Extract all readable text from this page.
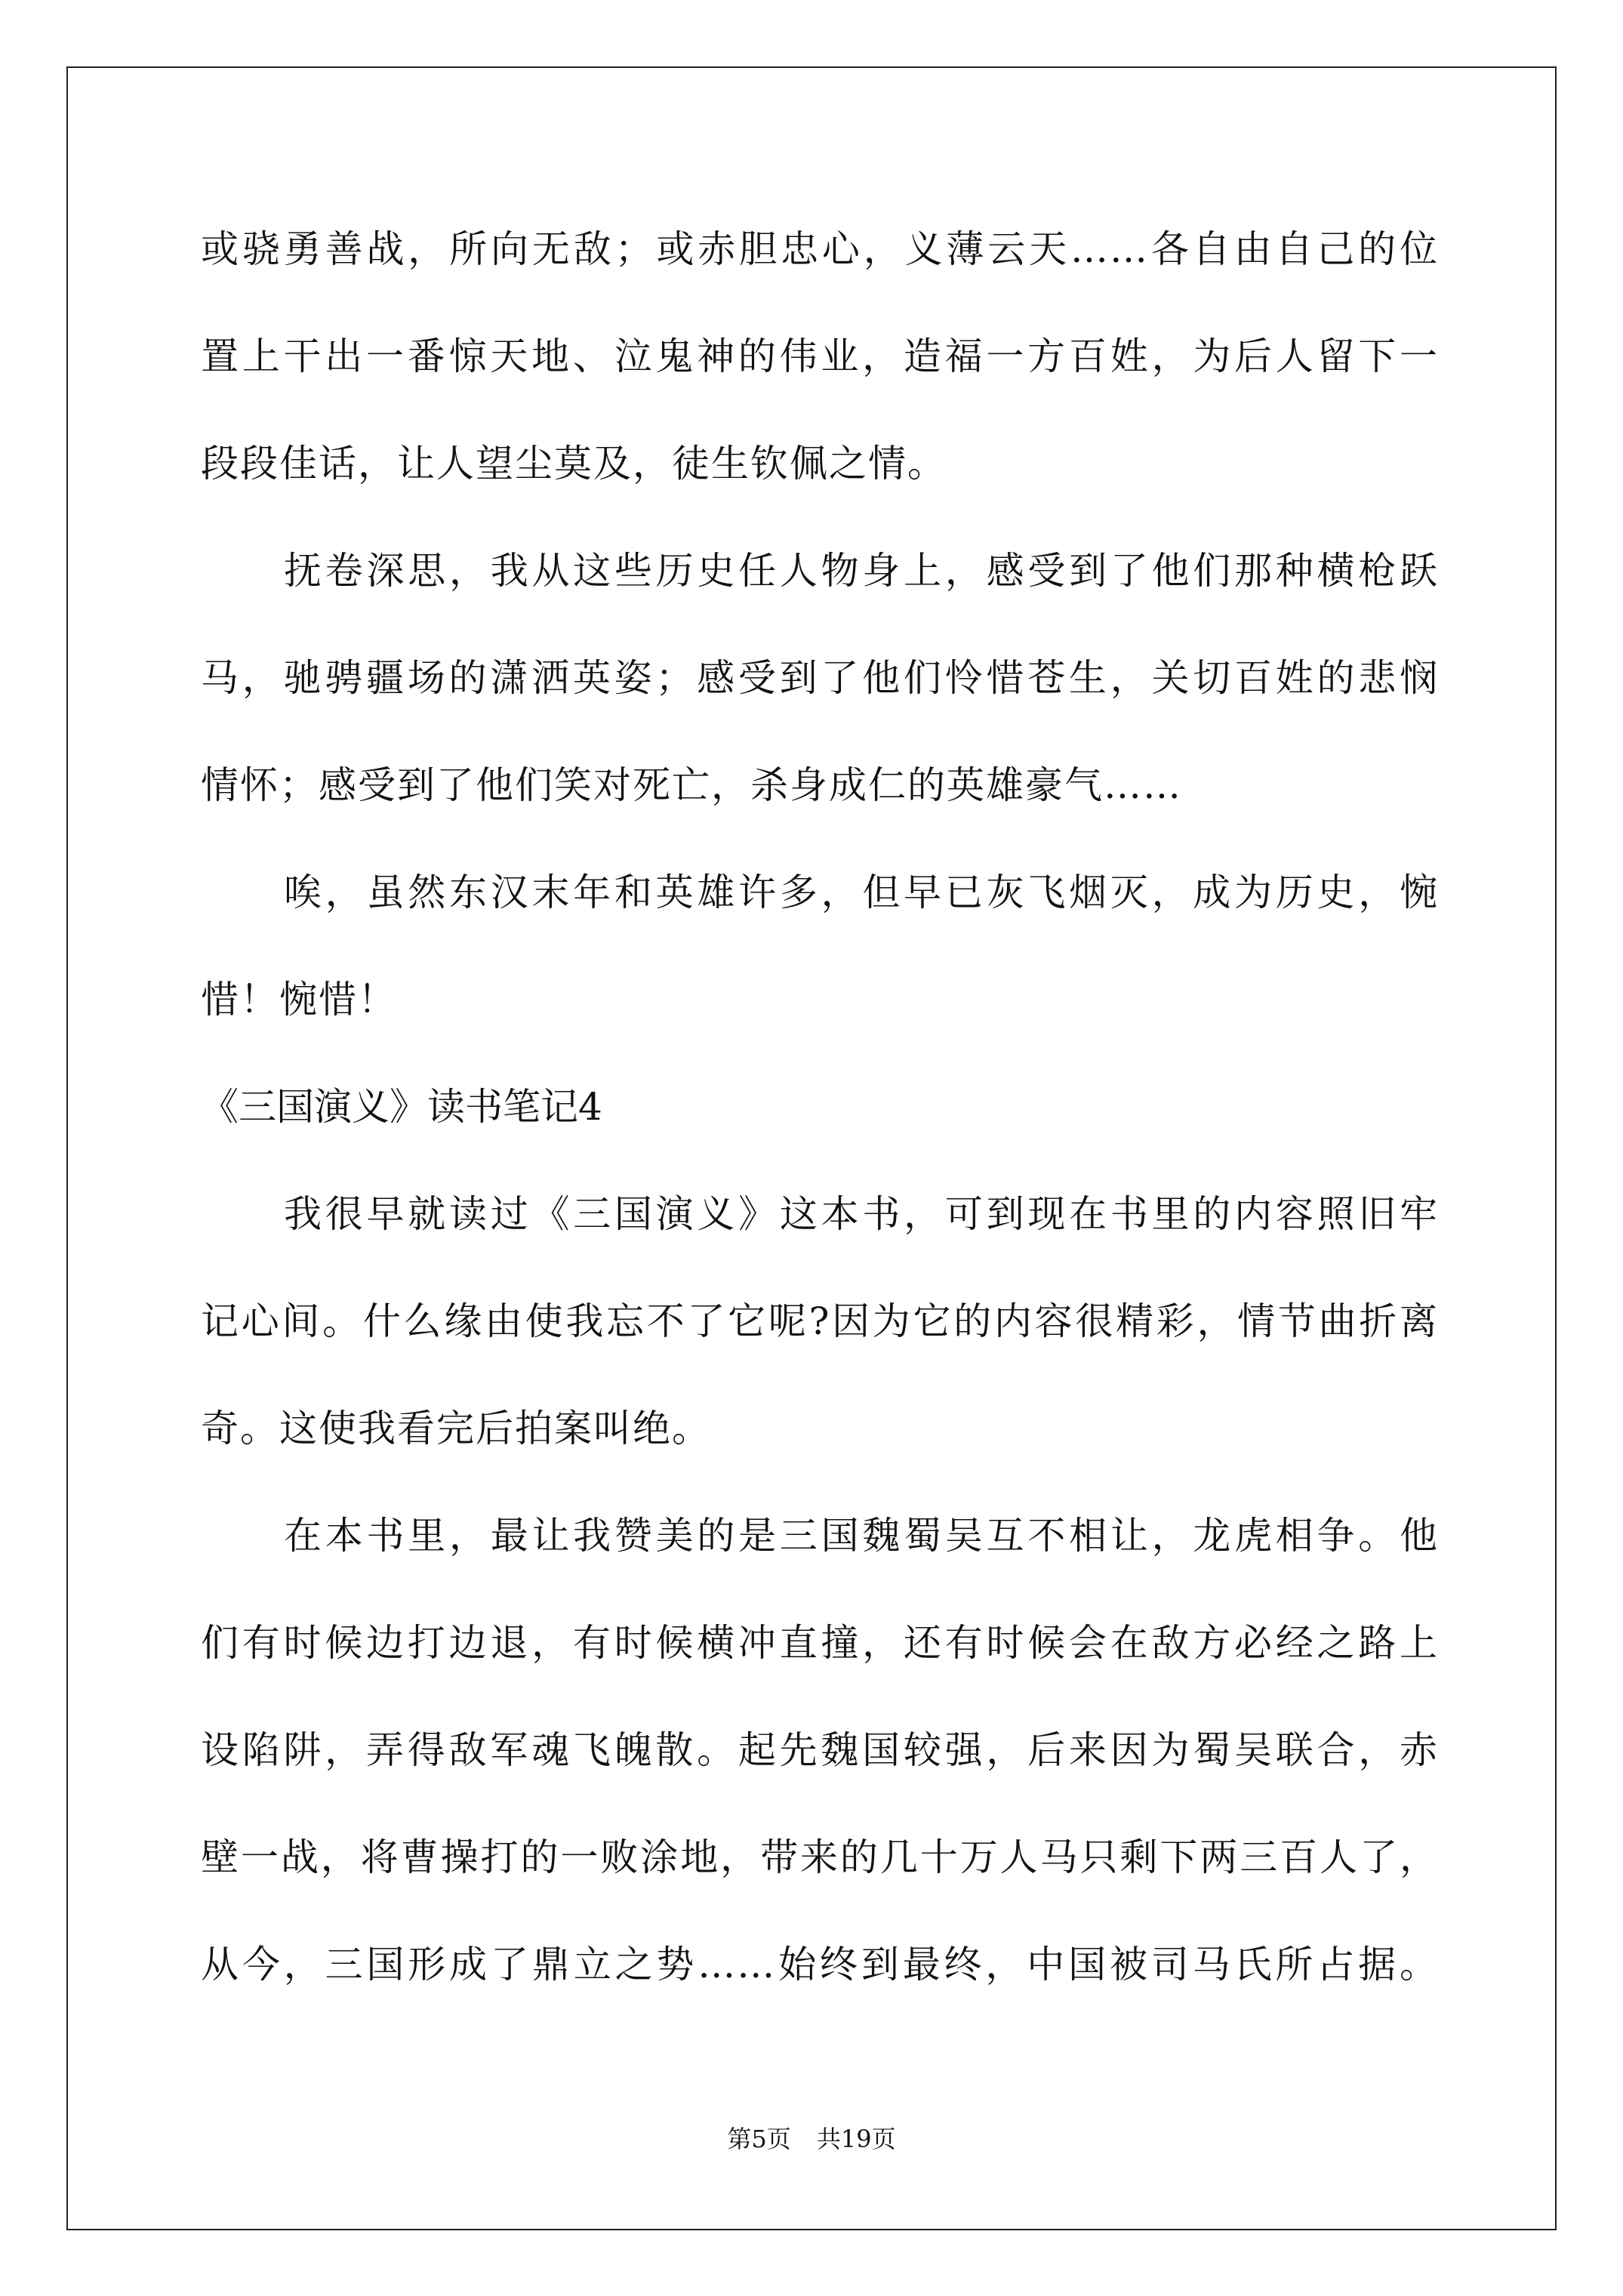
或骁勇善战，所向无敌；或赤胆忠心，义薄云天……各自由自己的位
置上干出一番惊天地、泣鬼神的伟业，造福一方百姓，为后人留下一
段段佳话，让人望尘莫及，徒生钦佩之情。
抚卷深思，我从这些历史任人物身上，感受到了他们那种横枪跃
马，驰骋疆场的潇洒英姿；感受到了他们怜惜苍生，关切百姓的悲悯
情怀；感受到了他们笑对死亡，杀身成仁的英雄豪气……
唉，虽然东汉末年和英雄许多，但早已灰飞烟灭，成为历史，惋
惜！惋惜！
《三国演义》读书笔记4
我很早就读过《三国演义》这本书，可到现在书里的内容照旧牢
记心间。什么缘由使我忘不了它呢?因为它的内容很精彩，情节曲折离
奇。这使我看完后拍案叫绝。
在本书里，最让我赞美的是三国魏蜀吴互不相让，龙虎相争。他
们有时候边打边退，有时候横冲直撞，还有时候会在敌方必经之路上
设陷阱，弄得敌军魂飞魄散。起先魏国较强，后来因为蜀吴联合，赤
壁一战，将曹操打的一败涂地，带来的几十万人马只剩下两三百人了，
从今，三国形成了鼎立之势……始终到最终，中国被司马氏所占据。
第5页 共19页
